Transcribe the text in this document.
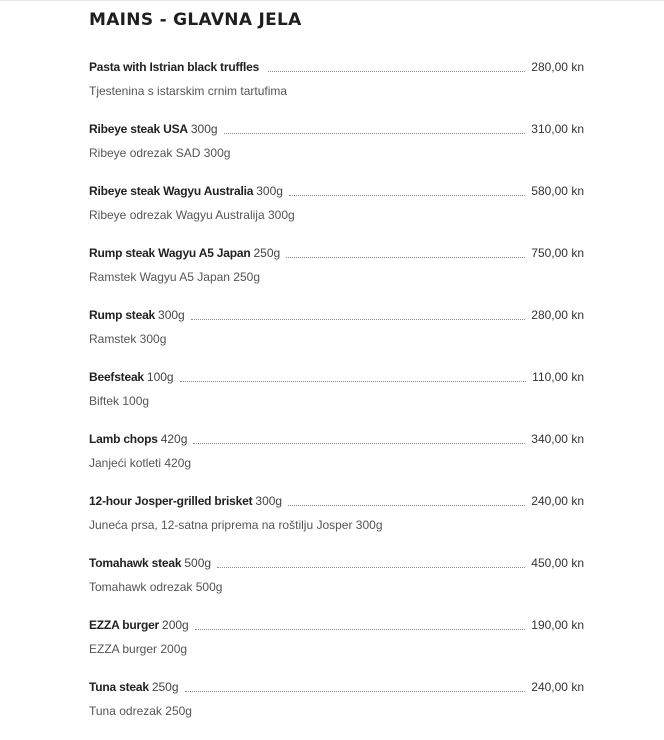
MAINS - GLAVNA JELA
Pasta with Istrian black truffles	280,00 kn
Tjestenina s istarskim crnim tartufima
Ribeye steak USA 300g	310,00 kn
Ribeye odrezak SAD 300g
Ribeye steak Wagyu Australia 300g	580,00 kn
Ribeye odrezak Wagyu Australija 300g
Rump steak Wagyu A5 Japan 250g	750,00 kn
Ramstek Wagyu A5 Japan 250g
Rump steak 300g	280,00 kn
Ramstek 300g
Beefsteak 100g	110,00 kn
Biftek 100g
Lamb chops 420g	340,00 kn
Janjeći kotleti 420g
12-hour Josper-grilled brisket 300g	240,00 kn
Juneća prsa, 12-satna priprema na roštilju Josper 300g
Tomahawk steak 500g	450,00 kn
Tomahawk odrezak 500g
EZZA burger 200g	190,00 kn
EZZA burger 200g
Tuna steak 250g	240,00 kn
Tuna odrezak 250g
